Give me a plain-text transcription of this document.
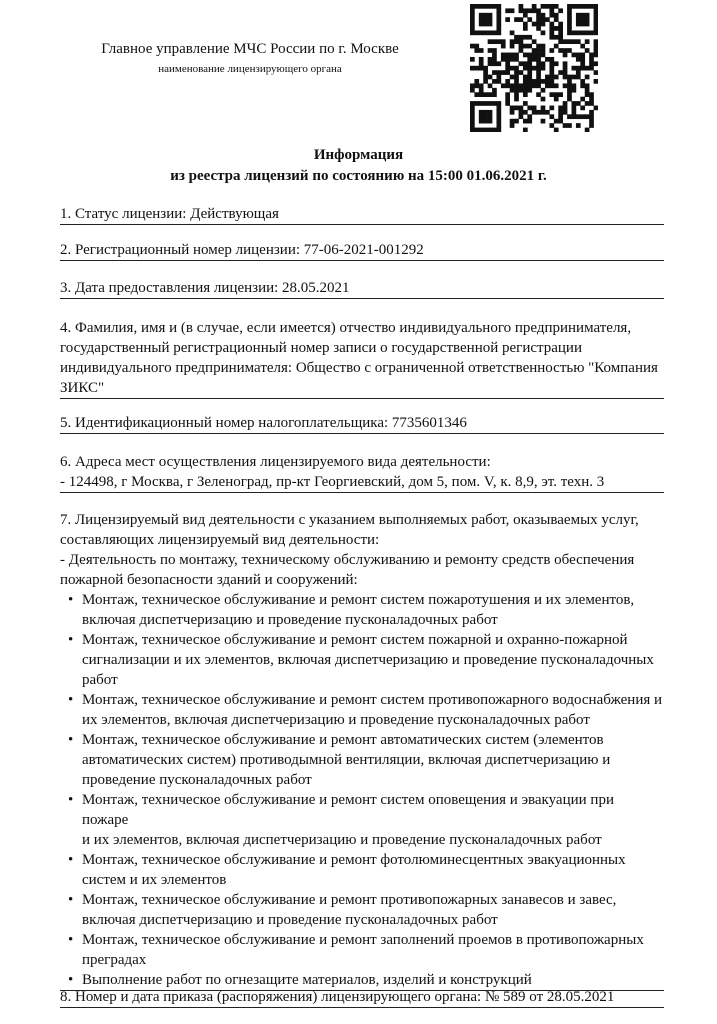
Главное управление МЧС России по г. Москве
наименование лицензирующего органа
Информация
из реестра лицензий по состоянию на 15:00 01.06.2021 г.
1. Статус лицензии: Действующая
2. Регистрационный номер лицензии: 77-06-2021-001292
3. Дата предоставления лицензии: 28.05.2021
4. Фамилия, имя и (в случае, если имеется) отчество индивидуального предпринимателя,
государственный регистрационный номер записи о государственной регистрации
индивидуального предпринимателя: Общество с ограниченной ответственностью "Компания
ЗИКС"
5. Идентификационный номер налогоплательщика: 7735601346
6. Адреса мест осуществления лицензируемого вида деятельности:
- 124498, г Москва, г Зеленоград, пр-кт Георгиевский, дом 5, пом. V, к. 8,9, эт. техн. 3
7. Лицензируемый вид деятельности с указанием выполняемых работ, оказываемых услуг,
составляющих лицензируемый вид деятельности:
- Деятельность по монтажу, техническому обслуживанию и ремонту средств обеспечения
пожарной безопасности зданий и сооружений:
• Монтаж, техническое обслуживание и ремонт систем пожаротушения и их элементов,
включая диспетчеризацию и проведение пусконаладочных работ
• Монтаж, техническое обслуживание и ремонт систем пожарной и охранно-пожарной
сигнализации и их элементов, включая диспетчеризацию и проведение пусконаладочных
работ
• Монтаж, техническое обслуживание и ремонт систем противопожарного водоснабжения и
их элементов, включая диспетчеризацию и проведение пусконаладочных работ
• Монтаж, техническое обслуживание и ремонт автоматических систем (элементов
автоматических систем) противодымной вентиляции, включая диспетчеризацию и
проведение пусконаладочных работ
• Монтаж, техническое обслуживание и ремонт систем оповещения и эвакуации при пожаре
и их элементов, включая диспетчеризацию и проведение пусконаладочных работ
• Монтаж, техническое обслуживание и ремонт фотолюминесцентных эвакуационных
систем и их элементов
• Монтаж, техническое обслуживание и ремонт противопожарных занавесов и завес,
включая диспетчеризацию и проведение пусконаладочных работ
• Монтаж, техническое обслуживание и ремонт заполнений проемов в противопожарных
преградах
• Выполнение работ по огнезащите материалов, изделий и конструкций
8. Номер и дата приказа (распоряжения) лицензирующего органа: № 589 от 28.05.2021
